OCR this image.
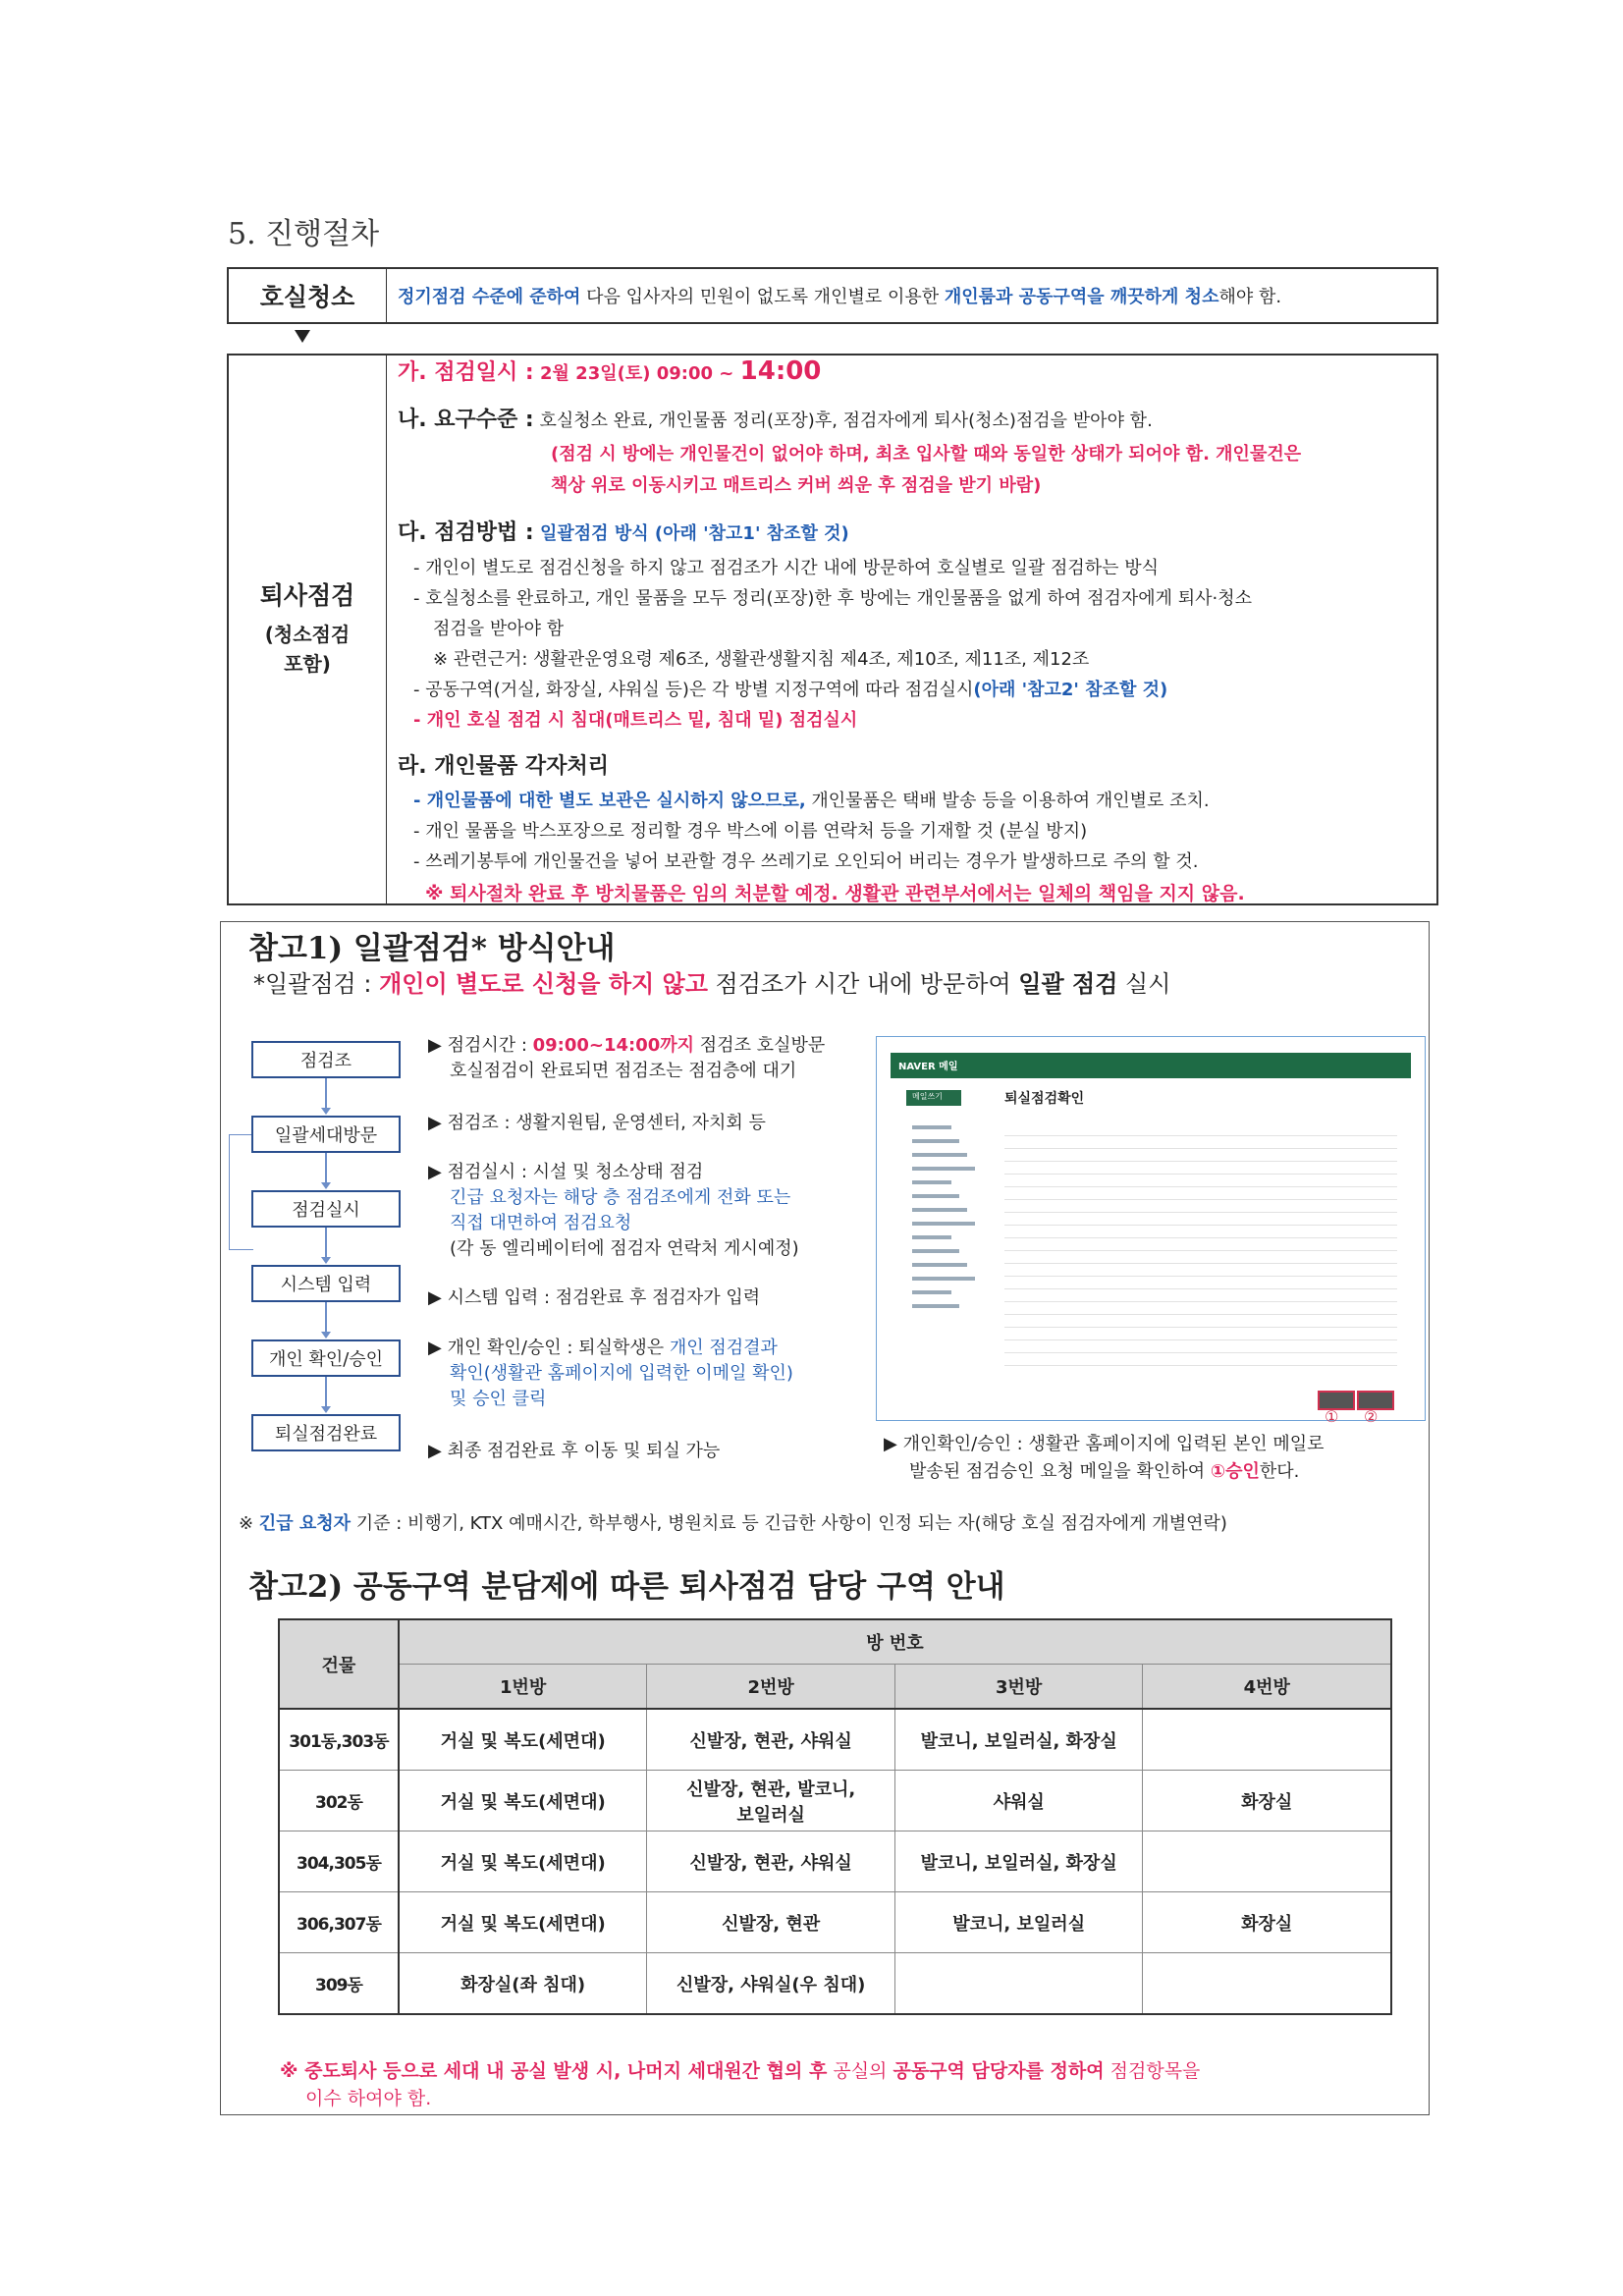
5. 진행절차
호실청소	정기점검 수준에 준하여 다음 입사자의 민원이 없도록 개인별로 이용한 개인룸과 공동구역을 깨끗하게 청소 해야 함.
퇴사점검
(청소점검
포함)
가. 점검일시 : 2월 23일(토) 09:00 ~ 14:00
나. 요구수준 : 호실청소 완료, 개인물품 정리(포장)후, 점검자에게 퇴사(청소)점검을 받아야 함.
(점검 시 방에는 개인물건이 없어야 하며, 최초 입사할 때와 동일한 상태가 되어야 함. 개인물건은
책상 위로 이동시키고 매트리스 커버 씌운 후 점검을 받기 바람)
다. 점검방법 : 일괄점검 방식 (아래 '참고1' 참조할 것)
- 개인이 별도로 점검신청을 하지 않고 점검조가 시간 내에 방문하여 호실별로 일괄 점검하는 방식
- 호실청소를 완료하고, 개인 물품을 모두 정리(포장)한 후 방에는 개인물품을 없게 하여 점검자에게 퇴사·청소
점검을 받아야 함
※ 관련근거: 생활관운영요령 제6조, 생활관생활지침 제4조, 제10조, 제11조, 제12조
- 공동구역(거실, 화장실, 샤워실 등)은 각 방별 지정구역에 따라 점검실시(아래 '참고2' 참조할 것)
- 개인 호실 점검 시 침대(매트리스 밑, 침대 밑) 점검실시
라. 개인물품 각자처리
- 개인물품에 대한 별도 보관은 실시하지 않으므로, 개인물품은 택배 발송 등을 이용하여 개인별로 조치.
- 개인 물품을 박스포장으로 정리할 경우 박스에 이름 연락처 등을 기재할 것 (분실 방지)
- 쓰레기봉투에 개인물건을 넣어 보관할 경우 쓰레기로 오인되어 버리는 경우가 발생하므로 주의 할 것.
※ 퇴사절차 완료 후 방치물품은 임의 처분할 예정. 생활관 관련부서에서는 일체의 책임을 지지 않음.
참고1) 일괄점검* 방식안내
*일괄점검 : 개인이 별도로 신청을 하지 않고 점검조가 시간 내에 방문하여 일괄 점검 실시
점검조
일괄세대방문
점검실시
시스템 입력
개인 확인/승인
퇴실점검완료
▶ 점검시간 : 09:00~14:00까지 점검조 호실방문
호실점검이 완료되면 점검조는 점검층에 대기
▶ 점검조 : 생활지원팀, 운영센터, 자치회 등
▶ 점검실시 : 시설 및 청소상태 점검
긴급 요청자는 해당 층 점검조에게 전화 또는
직접 대면하여 점검요청
(각 동 엘리베이터에 점검자 연락처 게시예정)
▶ 시스템 입력 : 점검완료 후 점검자가 입력
▶ 개인 확인/승인 : 퇴실학생은 개인 점검결과
확인(생활관 홈페이지에 입력한 이메일 확인)
및 승인 클릭
▶ 최종 점검완료 후 이동 및 퇴실 가능
NAVER 메일
메일쓰기	퇴실점검확인
① ②
▶ 개인확인/승인 : 생활관 홈페이지에 입력된 본인 메일로
발송된 점검승인 요청 메일을 확인하여 ①승인한다.
※ 긴급 요청자 기준 : 비행기, KTX 예매시간, 학부행사, 병원치료 등 긴급한 사항이 인정 되는 자(해당 호실 점검자에게 개별연락)
참고2) 공동구역 분담제에 따른 퇴사점검 담당 구역 안내
건물	방 번호			
	1번방	2번방	3번방	4번방
301동,303동	거실 및 복도(세면대)	신발장, 현관, 샤워실	발코니, 보일러실, 화장실	
302동	거실 및 복도(세면대)	신발장, 현관, 발코니,
보일러실	샤워실	화장실
304,305동	거실 및 복도(세면대)	신발장, 현관, 샤워실	발코니, 보일러실, 화장실	
306,307동	거실 및 복도(세면대)	신발장, 현관	발코니, 보일러실	화장실
309동	화장실(좌 침대)	신발장, 샤워실(우 침대)		
※ 중도퇴사 등으로 세대 내 공실 발생 시, 나머지 세대원간 협의 후 공실의 공동구역 담당자를 정하여 점검항목을
이수 하여야 함.
